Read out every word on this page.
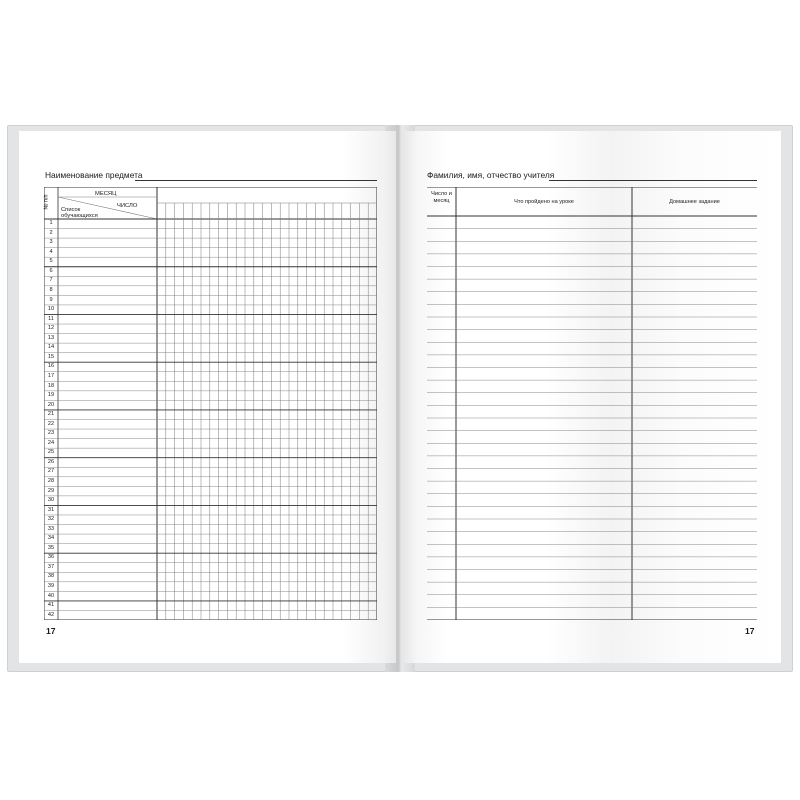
Наименование предмета
№ п/п
МЕСЯЦ
ЧИСЛО
Список обучающихся
1
2
3
4
5
6
7
8
9
10
11
12
13
14
15
16
17
18
19
20
21
22
23
24
25
26
27
28
29
30
31
32
33
34
35
36
37
38
39
40
41
42
17
Фамилия, имя, отчество учителя
Число и месяц	Что пройдено на уроке	Домашнее задание
17
